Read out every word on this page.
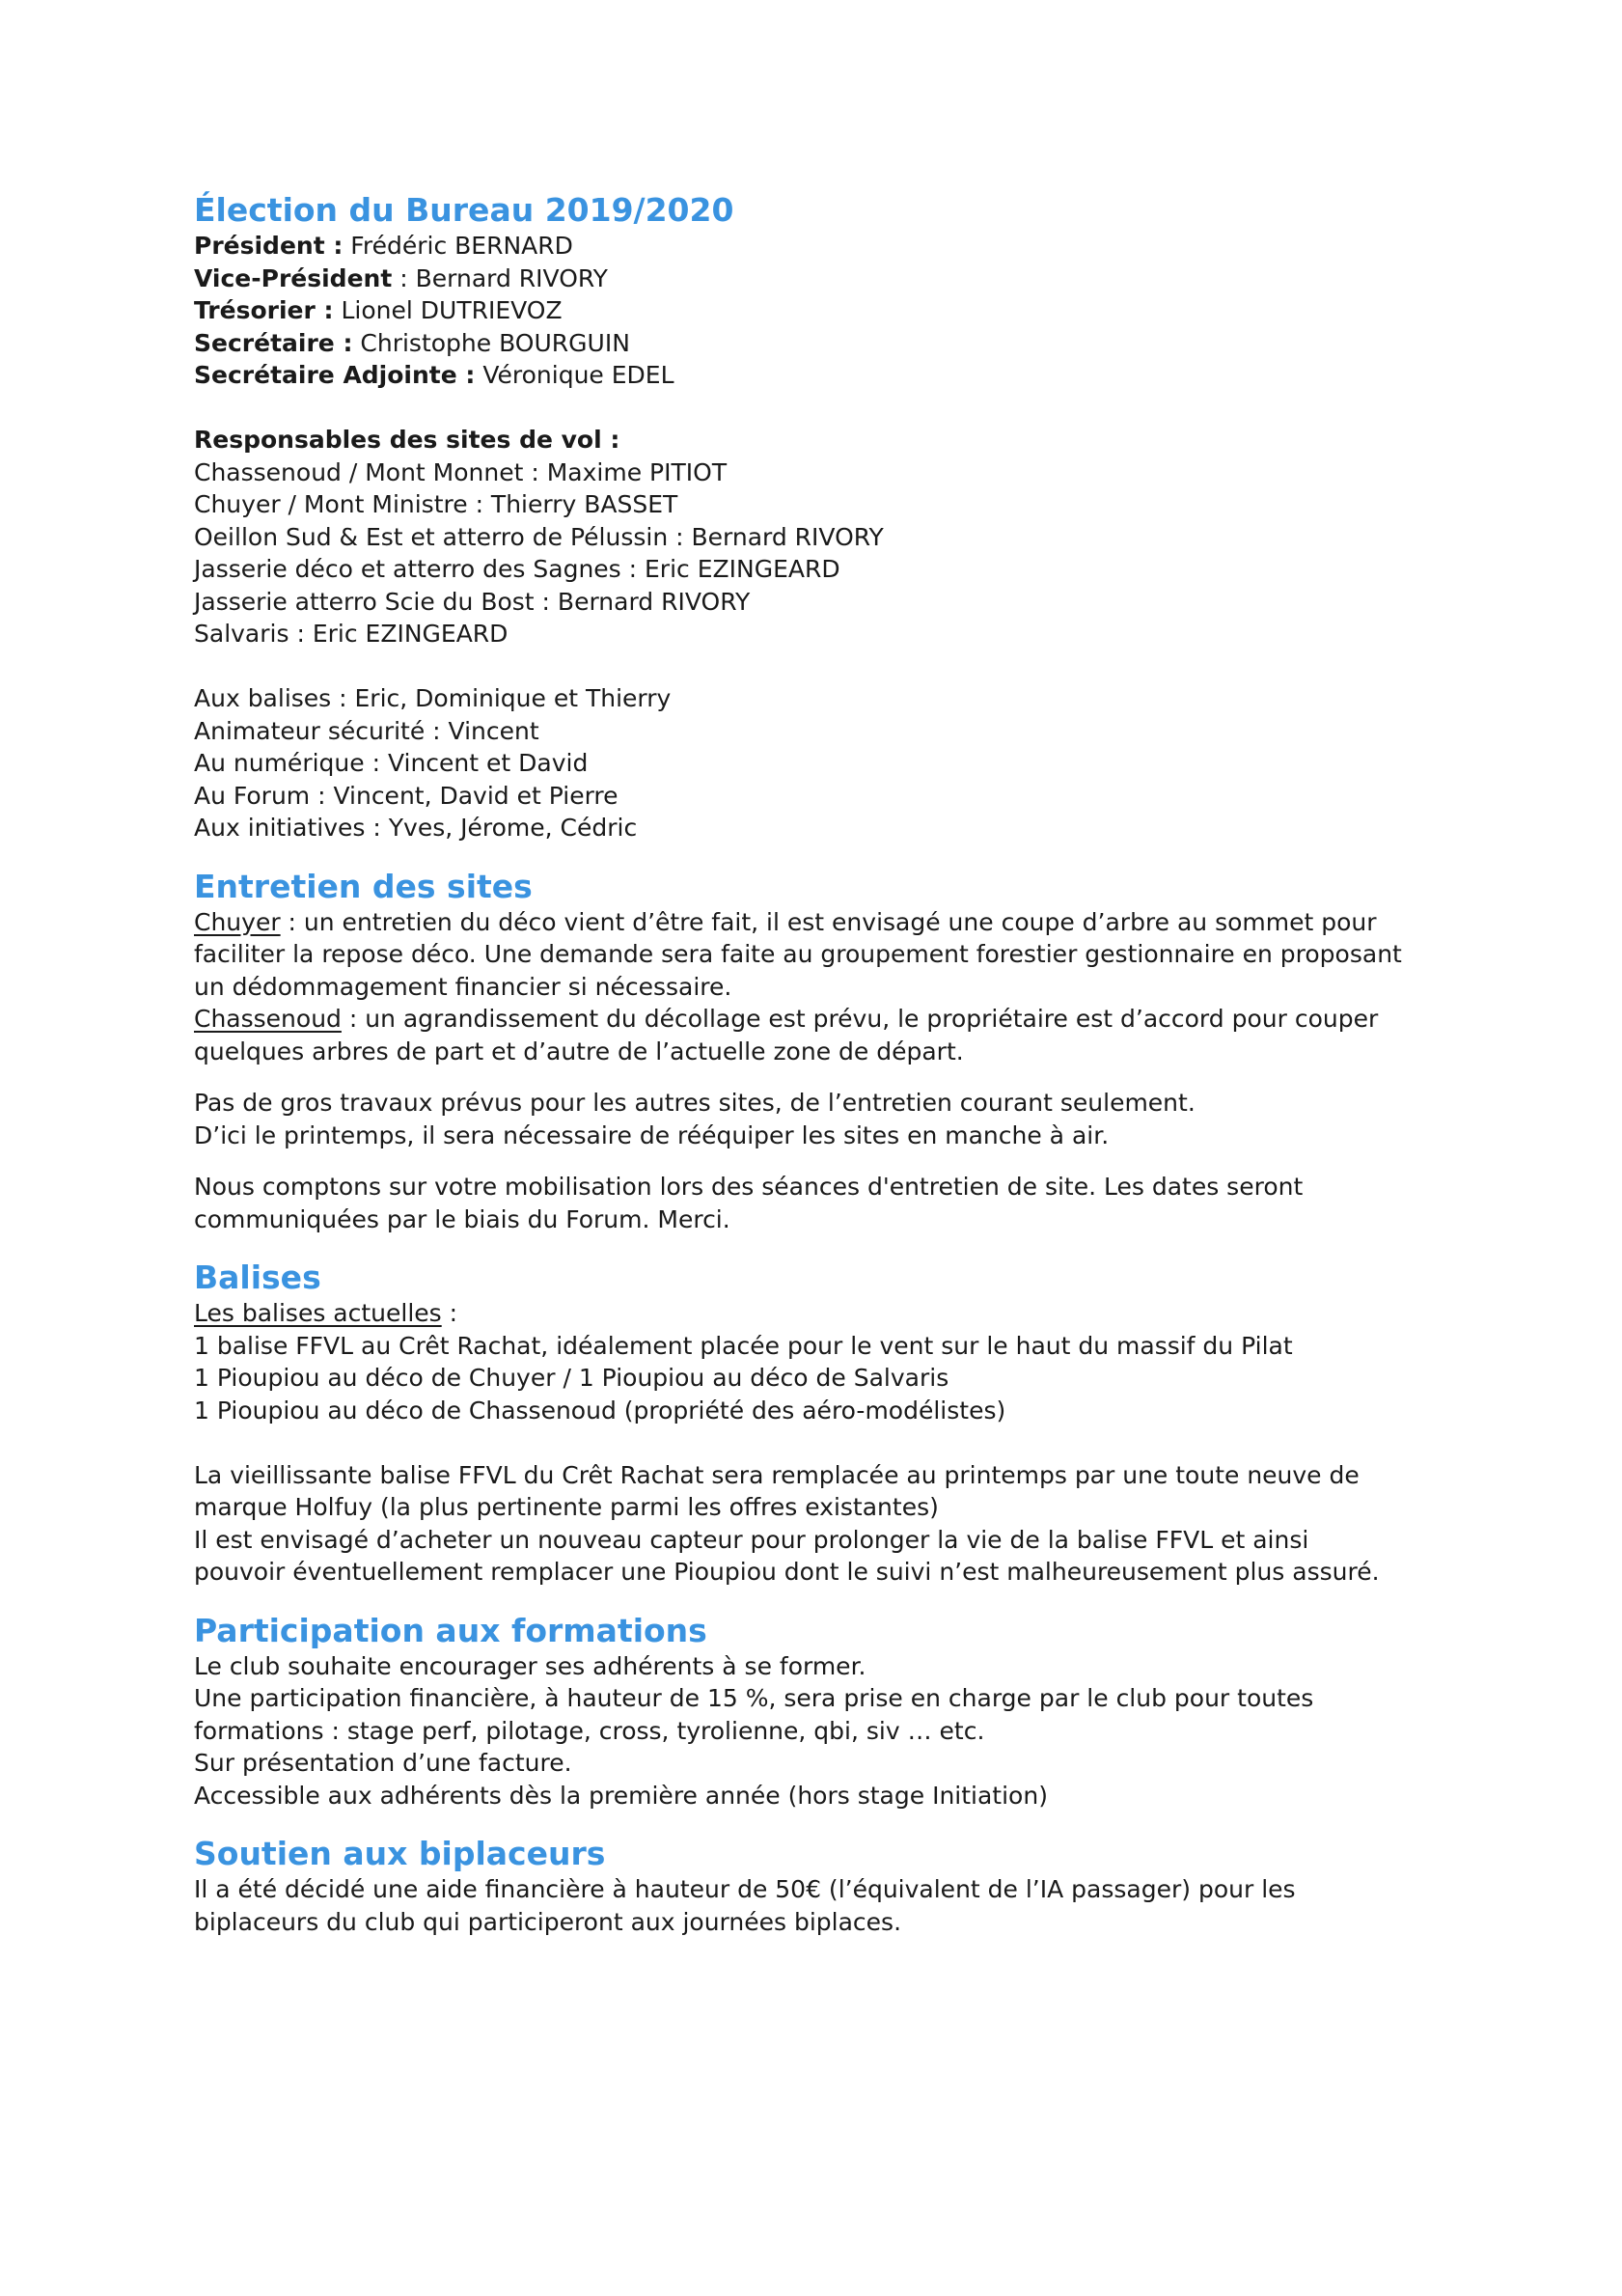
Élection du Bureau 2019/2020
Président : Frédéric BERNARD
Vice-Président : Bernard RIVORY
Trésorier : Lionel DUTRIEVOZ
Secrétaire : Christophe BOURGUIN
Secrétaire Adjointe : Véronique EDEL
Responsables des sites de vol :
Chassenoud / Mont Monnet : Maxime PITIOT
Chuyer / Mont Ministre : Thierry BASSET
Oeillon Sud & Est et atterro de Pélussin : Bernard RIVORY
Jasserie déco et atterro des Sagnes : Eric EZINGEARD
Jasserie atterro Scie du Bost : Bernard RIVORY
Salvaris : Eric EZINGEARD
Aux balises : Eric, Dominique et Thierry
Animateur sécurité : Vincent
Au numérique : Vincent et David
Au Forum : Vincent, David et Pierre
Aux initiatives : Yves, Jérome, Cédric
Entretien des sites
Chuyer : un entretien du déco vient d’être fait, il est envisagé une coupe d’arbre au sommet pour
faciliter la repose déco. Une demande sera faite au groupement forestier gestionnaire en proposant
un dédommagement financier si nécessaire.
Chassenoud : un agrandissement du décollage est prévu, le propriétaire est d’accord pour couper
quelques arbres de part et d’autre de l’actuelle zone de départ.
Pas de gros travaux prévus pour les autres sites, de l’entretien courant seulement.
D’ici le printemps, il sera nécessaire de rééquiper les sites en manche à air.
Nous comptons sur votre mobilisation lors des séances d'entretien de site. Les dates seront
communiquées par le biais du Forum. Merci.
Balises
Les balises actuelles :
1 balise FFVL au Crêt Rachat, idéalement placée pour le vent sur le haut du massif du Pilat
1 Pioupiou au déco de Chuyer / 1 Pioupiou au déco de Salvaris
1 Pioupiou au déco de Chassenoud (propriété des aéro-modélistes)
La vieillissante balise FFVL du Crêt Rachat sera remplacée au printemps par une toute neuve de
marque Holfuy (la plus pertinente parmi les offres existantes)
Il est envisagé d’acheter un nouveau capteur pour prolonger la vie de la balise FFVL et ainsi
pouvoir éventuellement remplacer une Pioupiou dont le suivi n’est malheureusement plus assuré.
Participation aux formations
Le club souhaite encourager ses adhérents à se former.
Une participation financière, à hauteur de 15 %, sera prise en charge par le club pour toutes
formations : stage perf, pilotage, cross, tyrolienne, qbi, siv … etc.
Sur présentation d’une facture.
Accessible aux adhérents dès la première année (hors stage Initiation)
Soutien aux biplaceurs
Il a été décidé une aide financière à hauteur de 50€ (l’équivalent de l’IA passager) pour les
biplaceurs du club qui participeront aux journées biplaces.
